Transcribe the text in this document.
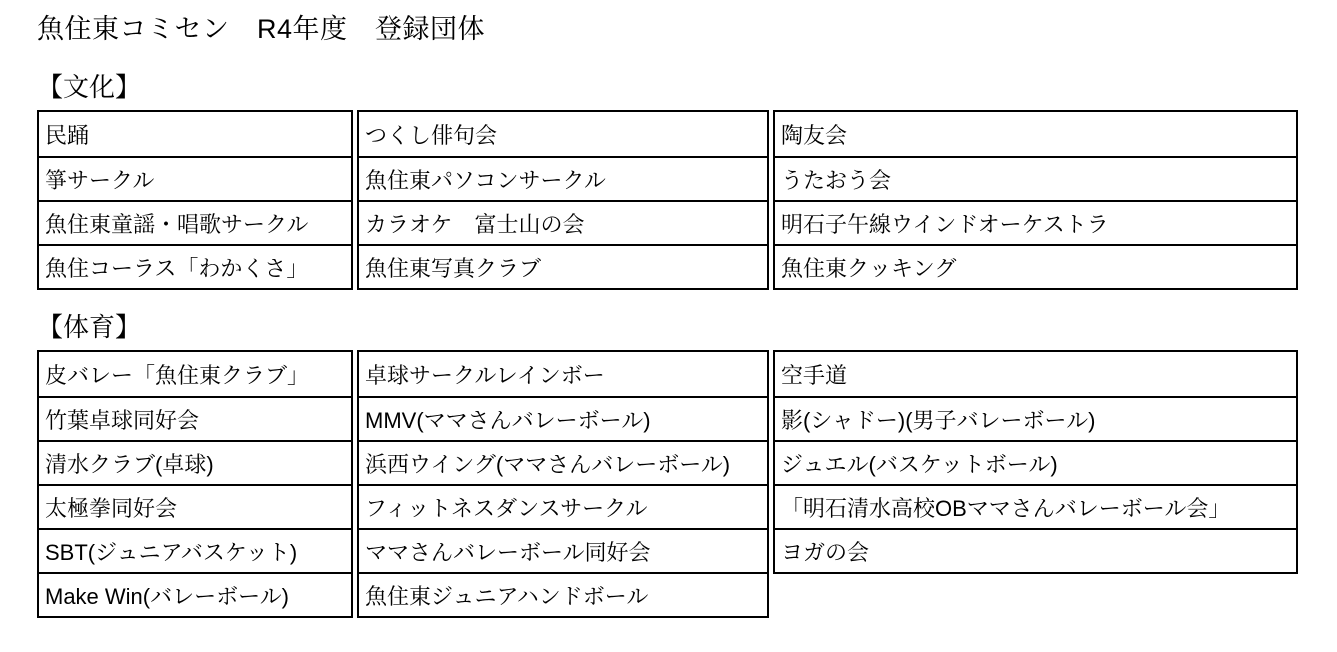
魚住東コミセン　R4年度　登録団体
【文化】
民踊
箏サークル
魚住東童謡・唱歌サークル
魚住コーラス「わかくさ」
つくし俳句会
魚住東パソコンサークル
カラオケ　富士山の会
魚住東写真クラブ
陶友会
うたおう会
明石子午線ウインドオーケストラ
魚住東クッキング
【体育】
皮バレー「魚住東クラブ」
竹葉卓球同好会
清水クラブ(卓球)
太極拳同好会
SBT(ジュニアバスケット)
Make Win(バレーボール)
卓球サークルレインボー
MMV(ママさんバレーボール)
浜西ウイング(ママさんバレーボール)
フィットネスダンスサークル
ママさんバレーボール同好会
魚住東ジュニアハンドボール
空手道
影(シャドー)(男子バレーボール)
ジュエル(バスケットボール)
「明石清水高校OBママさんバレーボール会」
ヨガの会
